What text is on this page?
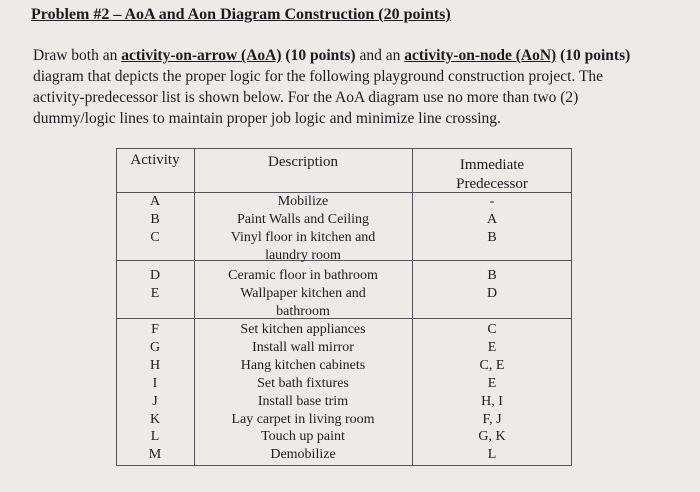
Problem #2 – AoA and Aon Diagram Construction (20 points)
Draw both an activity-on-arrow (AoA) (10 points) and an activity-on-node (AoN) (10 points)
diagram that depicts the proper logic for the following playground construction project. The
activity-predecessor list is shown below. For the AoA diagram use no more than two (2)
dummy/logic lines to maintain proper job logic and minimize line crossing.
Activity	Description	Immediate
Predecessor
A
B
C
Mobilize
Paint Walls and Ceiling
Vinyl floor in kitchen and
laundry room
-
A
B
D
E
Ceramic floor in bathroom
Wallpaper kitchen and
bathroom
B
D
F
G
H
I
J
K
L
M
Set kitchen appliances
Install wall mirror
Hang kitchen cabinets
Set bath fixtures
Install base trim
Lay carpet in living room
Touch up paint
Demobilize
C
E
C, E
E
H, I
F, J
G, K
L
